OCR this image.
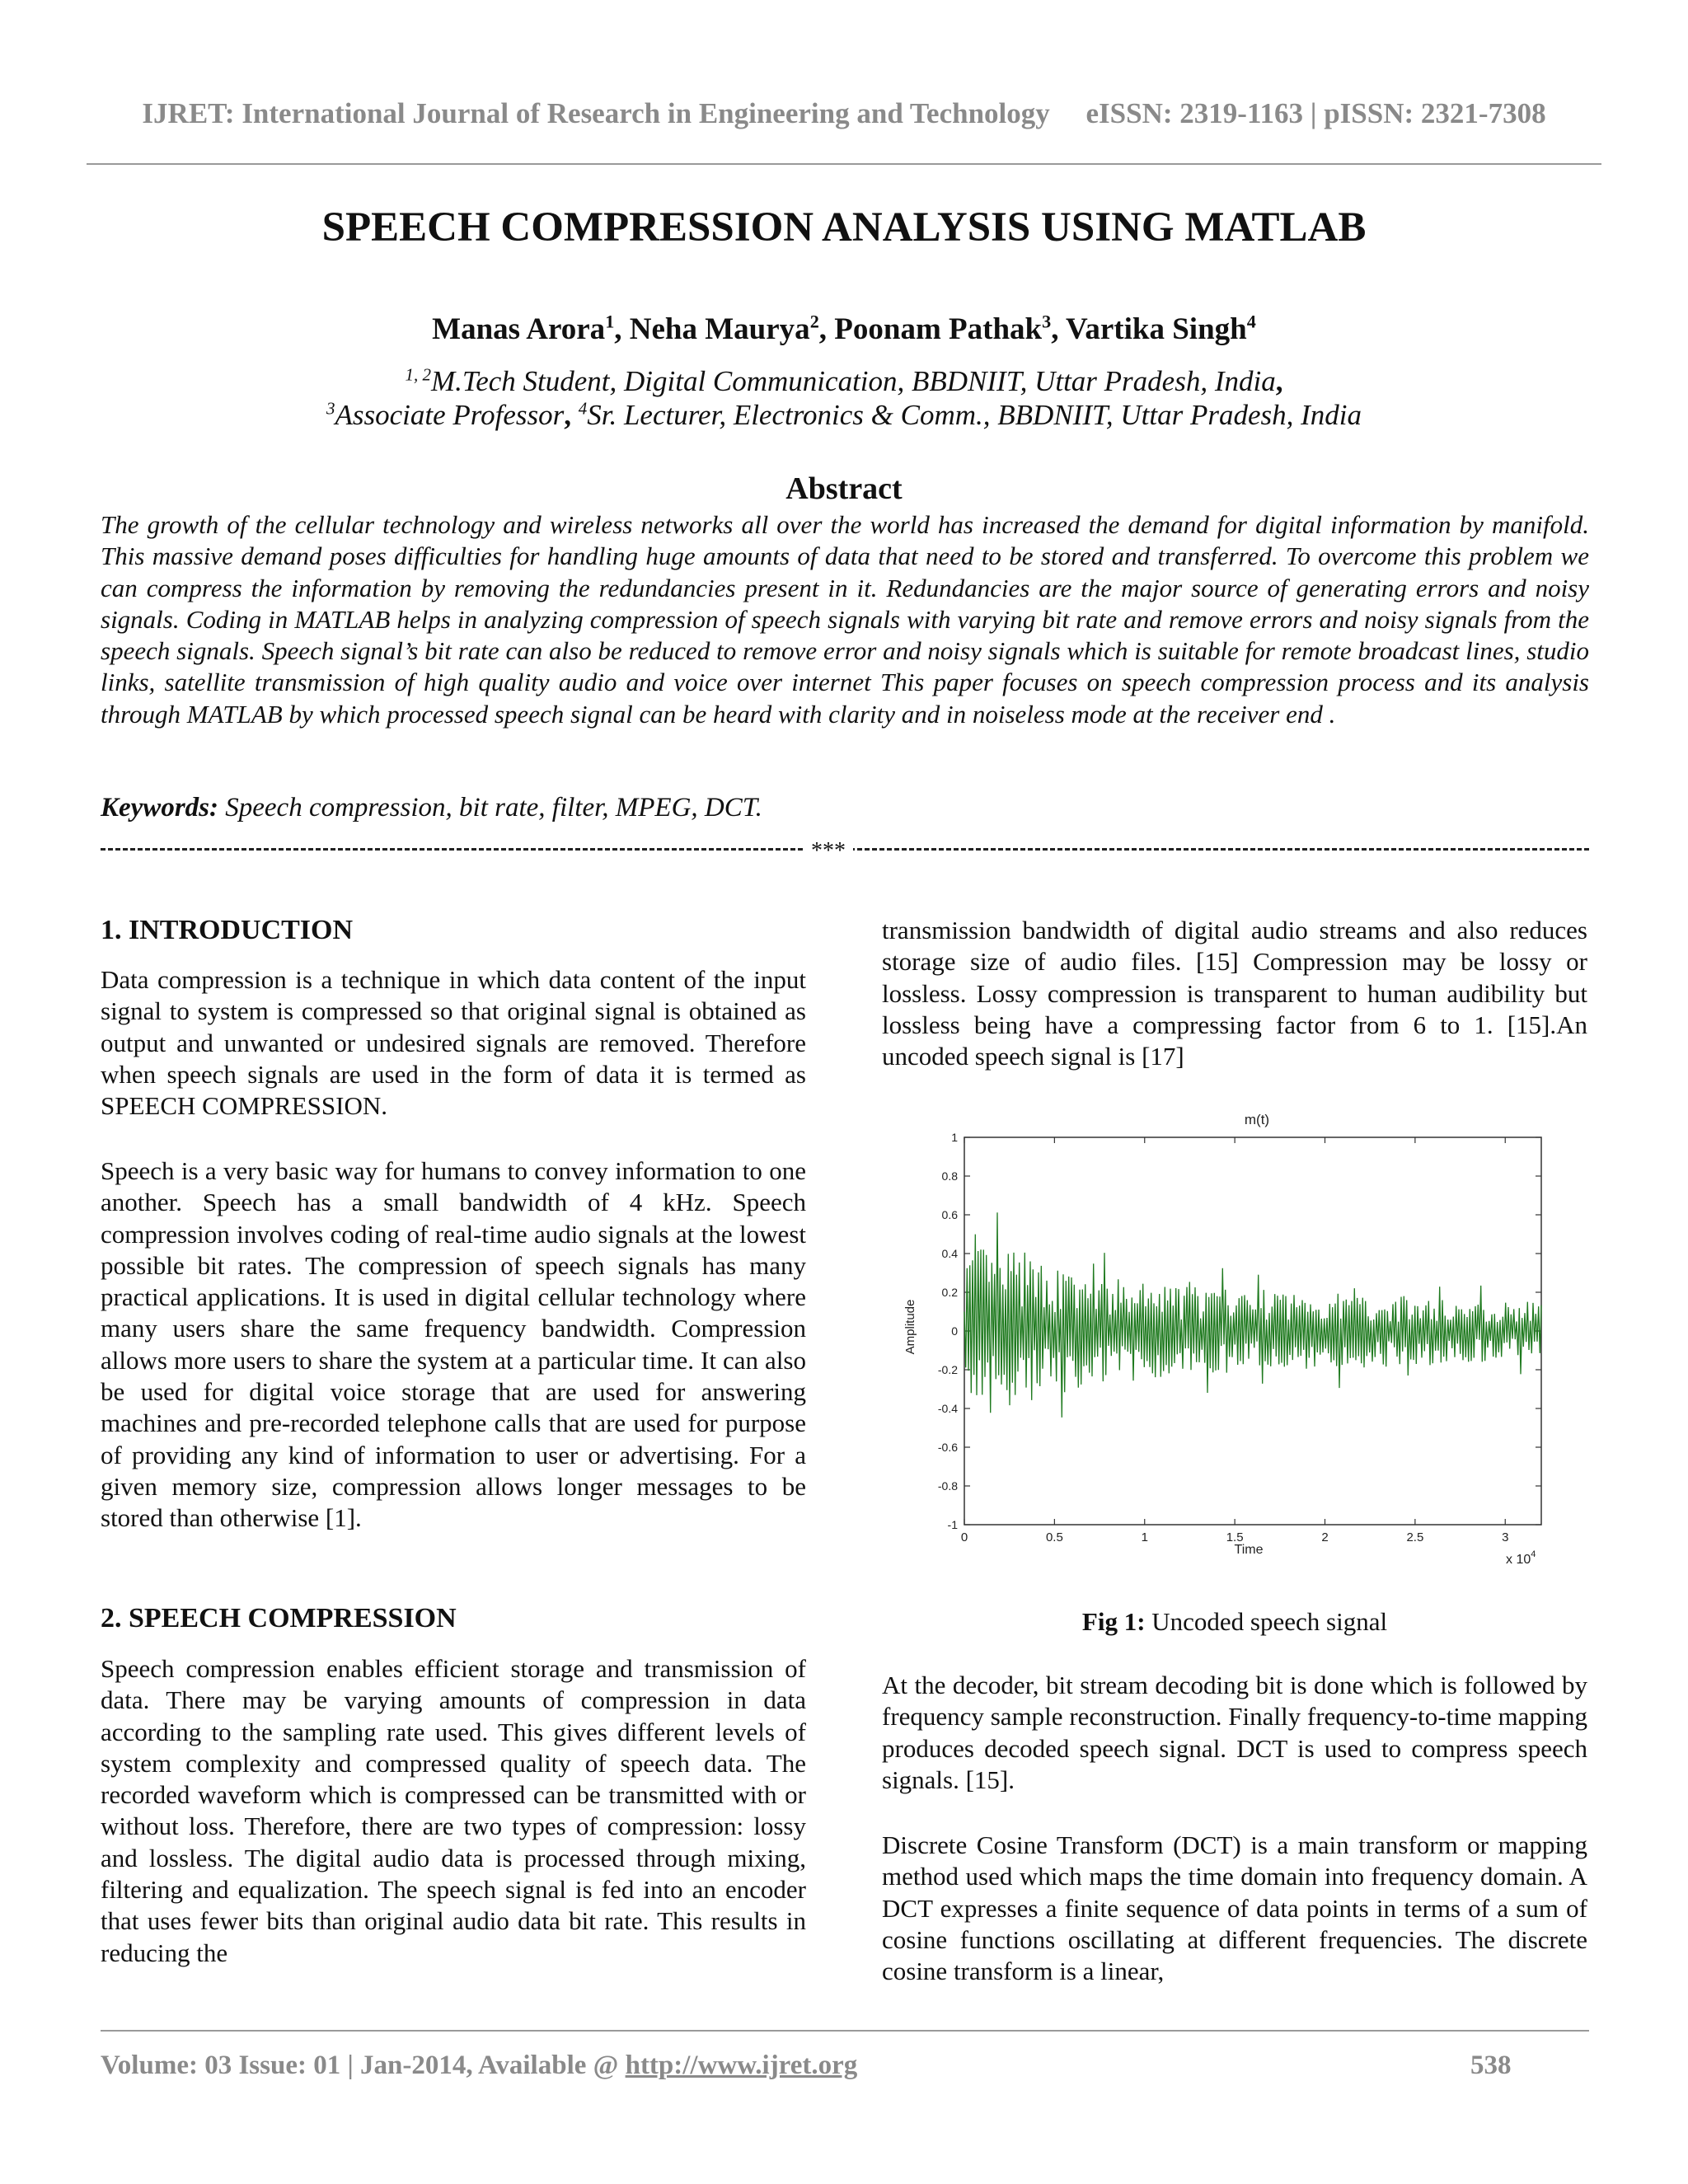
IJRET: International Journal of Research in Engineering and Technology eISSN: 2319-1163 | pISSN: 2321-7308
SPEECH COMPRESSION ANALYSIS USING MATLAB
Manas Arora$^1$, Neha Maurya$^2$, Poonam Pathak$^3$, Vartika Singh$^4$
$^{1, 2}$M.Tech Student, Digital Communication, BBDNIIT, Uttar Pradesh, India,
$^3$Associate Professor, $^4$Sr. Lecturer, Electronics & Comm., BBDNIIT, Uttar Pradesh, India
Abstract

The growth of the cellular technology and wireless networks all over the world has increased the demand for digital information by manifold. This massive demand poses difficulties for handling huge amounts of data that need to be stored and transferred. To overcome this problem we can compress the information by removing the redundancies present in it. Redundancies are the major source of generating errors and noisy signals. Coding in MATLAB helps in analyzing compression of speech signals with varying bit rate and remove errors and noisy signals from the speech signals. Speech signal’s bit rate can also be reduced to remove error and noisy signals which is suitable for remote broadcast lines, studio links, satellite transmission of high quality audio and voice over internet This paper focuses on speech compression process and its analysis through MATLAB by which processed speech signal can be heard with clarity and in noiseless mode at the receiver end .

Keywords: Speech compression, bit rate, filter, MPEG, DCT.

***
1. INTRODUCTION

Data compression is a technique in which data content of the input signal to system is compressed so that original signal is obtained as output and unwanted or undesired signals are removed. Therefore when speech signals are used in the form of data it is termed as SPEECH COMPRESSION.

Speech is a very basic way for humans to convey information to one another. Speech has a small bandwidth of 4 kHz. Speech compression involves coding of real-time audio signals at the lowest possible bit rates. The compression of speech signals has many practical applications. It is used in digital cellular technology where many users share the same frequency bandwidth. Compression allows more users to share the system at a particular time. It can also be used for digital voice storage that are used for answering machines and pre-recorded telephone calls that are used for purpose of providing any kind of information to user or advertising. For a given memory size, compression allows longer messages to be stored than otherwise [1].

2. SPEECH COMPRESSION

Speech compression enables efficient storage and transmission of data. There may be varying amounts of compression in data according to the sampling rate used. This gives different levels of system complexity and compressed quality of speech data. The recorded waveform which is compressed can be transmitted with or without loss. Therefore, there are two types of compression: lossy and lossless. The digital audio data is processed through mixing, filtering and equalization. The speech signal is fed into an encoder that uses fewer bits than original audio data bit rate. This results in reducing the

transmission bandwidth of digital audio streams and also reduces storage size of audio files. [15] Compression may be lossy or lossless. Lossy compression is transparent to human audibility but lossless being have a compressing factor from 6 to 1. [15].An uncoded speech signal is [17]

m(t)
1
0.8
0.6
0.4
0.2
0
-0.2
-0.4
-0.6
-0.8
-1
0	0.5	1	1.5	2	2.5	3
Amplitude
Time
x $10^4$
Fig 1: Uncoded speech signal

At the decoder, bit stream decoding bit is done which is followed by frequency sample reconstruction. Finally frequency-to-time mapping produces decoded speech signal. DCT is used to compress speech signals. [15].

Discrete Cosine Transform (DCT) is a main transform or mapping method used which maps the time domain into frequency domain. A DCT expresses a finite sequence of data points in terms of a sum of cosine functions oscillating at different frequencies. The discrete cosine transform is a linear,

Volume: 03 Issue: 01 | Jan-2014, Available @ http://www.ijret.org	538
